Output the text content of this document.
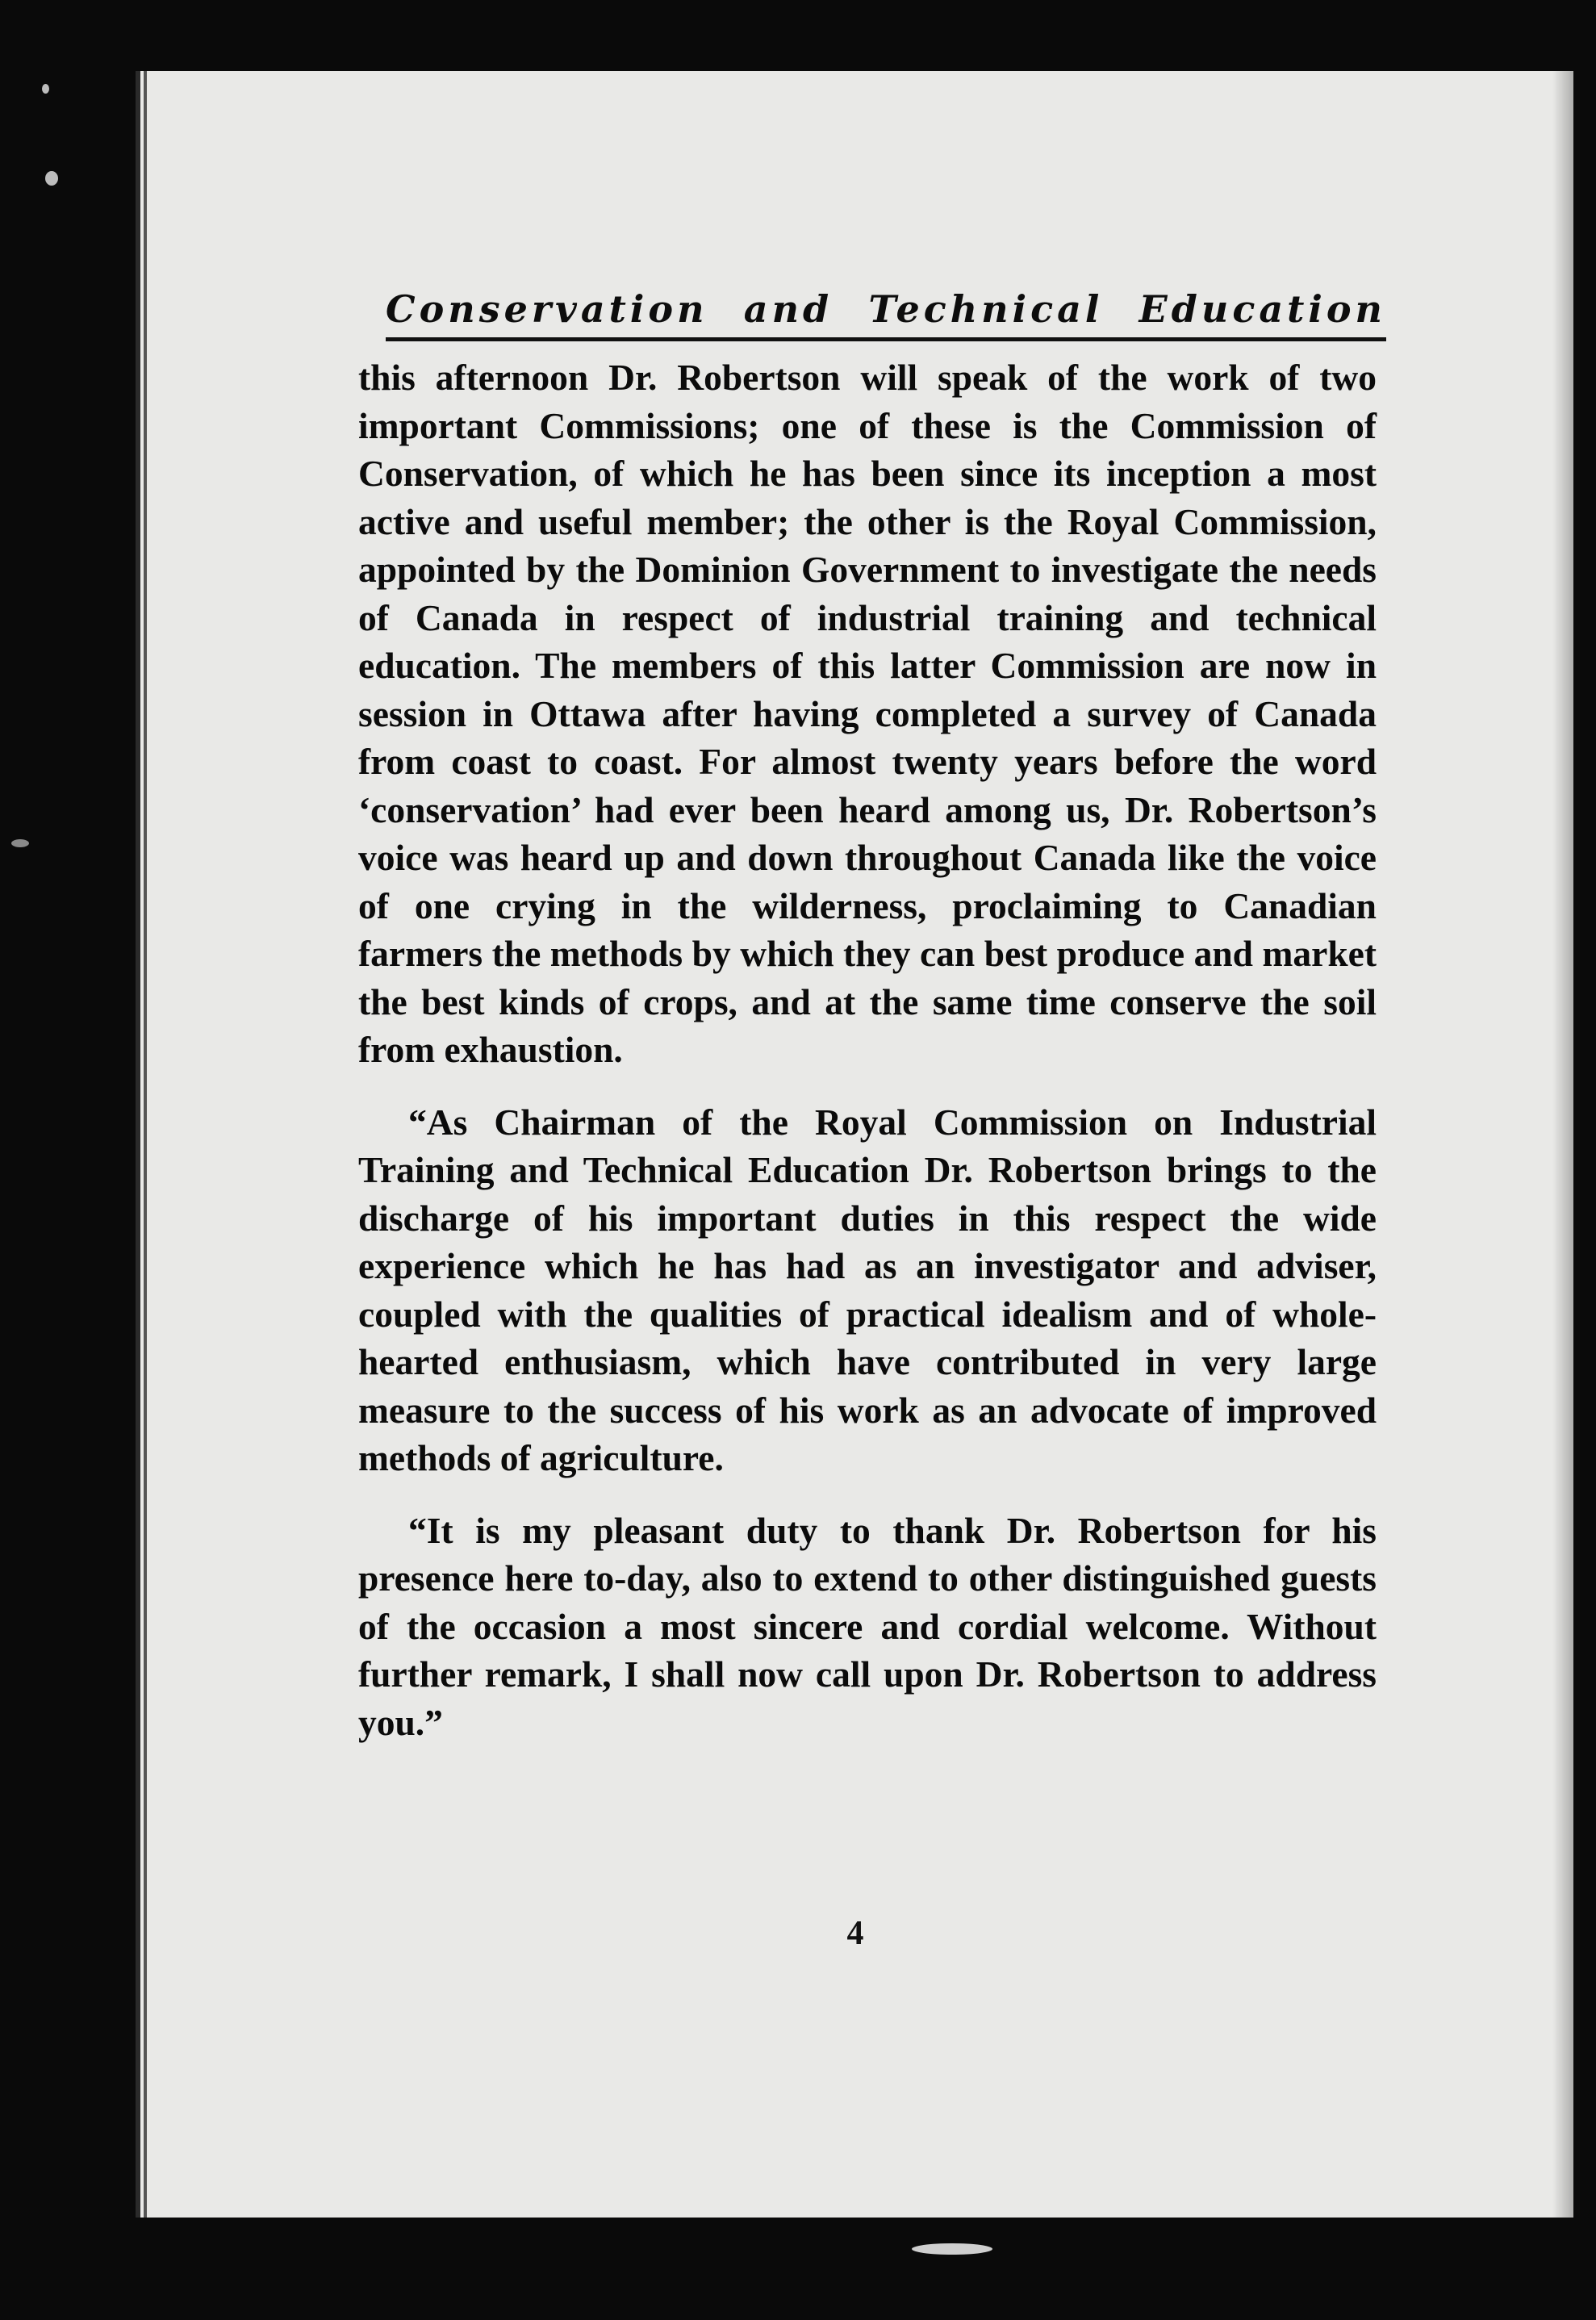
Conservation and Technical Education

this afternoon Dr. Robertson will speak of the work of two important Commissions; one of these is the Commission of Conservation, of which he has been since its inception a most active and useful member; the other is the Royal Commission, appointed by the Dominion Government to investigate the needs of Canada in respect of industrial training and technical education. The members of this latter Commission are now in session in Ottawa after having completed a survey of Canada from coast to coast. For almost twenty years before the word ‘conservation’ had ever been heard among us, Dr. Robertson’s voice was heard up and down throughout Canada like the voice of one crying in the wilderness, proclaiming to Canadian farmers the methods by which they can best produce and market the best kinds of crops, and at the same time conserve the soil from exhaustion.

“As Chairman of the Royal Commission on Industrial Training and Technical Education Dr. Robertson brings to the discharge of his important duties in this respect the wide experience which he has had as an investigator and adviser, coupled with the qualities of practical idealism and of whole-hearted enthusiasm, which have contributed in very large measure to the success of his work as an advocate of improved methods of agriculture.

“It is my pleasant duty to thank Dr. Robertson for his presence here to-day, also to extend to other distinguished guests of the occasion a most sincere and cordial welcome. Without further remark, I shall now call upon Dr. Robertson to address you.”

4
